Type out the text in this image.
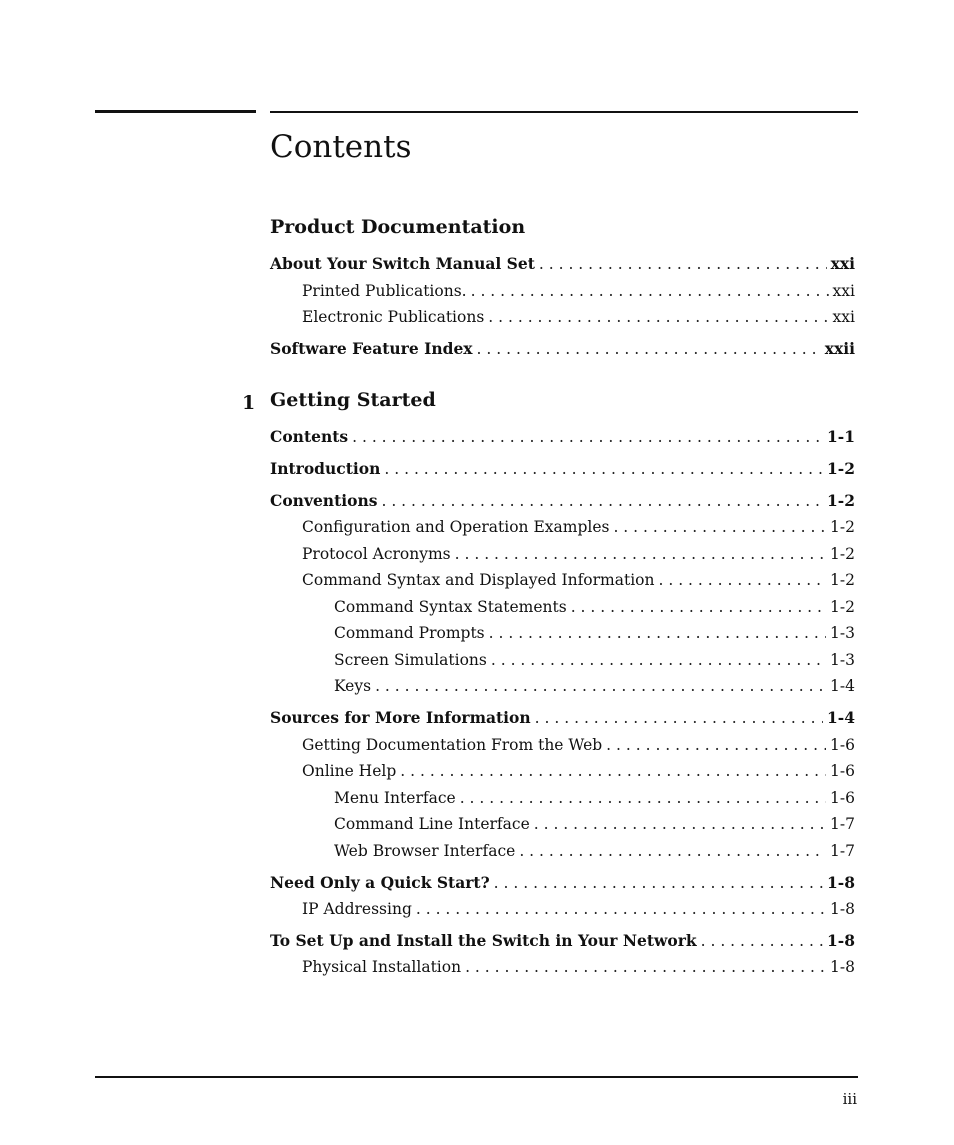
Contents
Product Documentation
About Your Switch Manual Set . . .	xxi
Printed Publications. . . .	xxi
Electronic Publications . . .	xxi
Software Feature Index . . .	xxii
Getting Started
1
Contents . . .	1-1
Introduction . . .	1-2
Conventions . . .	1-2
Configuration and Operation Examples . . .	1-2
Protocol Acronyms . . .	1-2
Command Syntax and Displayed Information . . .	1-2
Command Syntax Statements . . .	1-2
Command Prompts . . .	1-3
Screen Simulations . . .	1-3
Keys . . .	1-4
Sources for More Information . . .	1-4
Getting Documentation From the Web . . .	1-6
Online Help . . .	1-6
Menu Interface . . .	1-6
Command Line Interface . . .	1-7
Web Browser Interface . . .	1-7
Need Only a Quick Start? . . .	1-8
IP Addressing . . .	1-8
To Set Up and Install the Switch in Your Network . . .	1-8
Physical Installation . . .	1-8
iii
